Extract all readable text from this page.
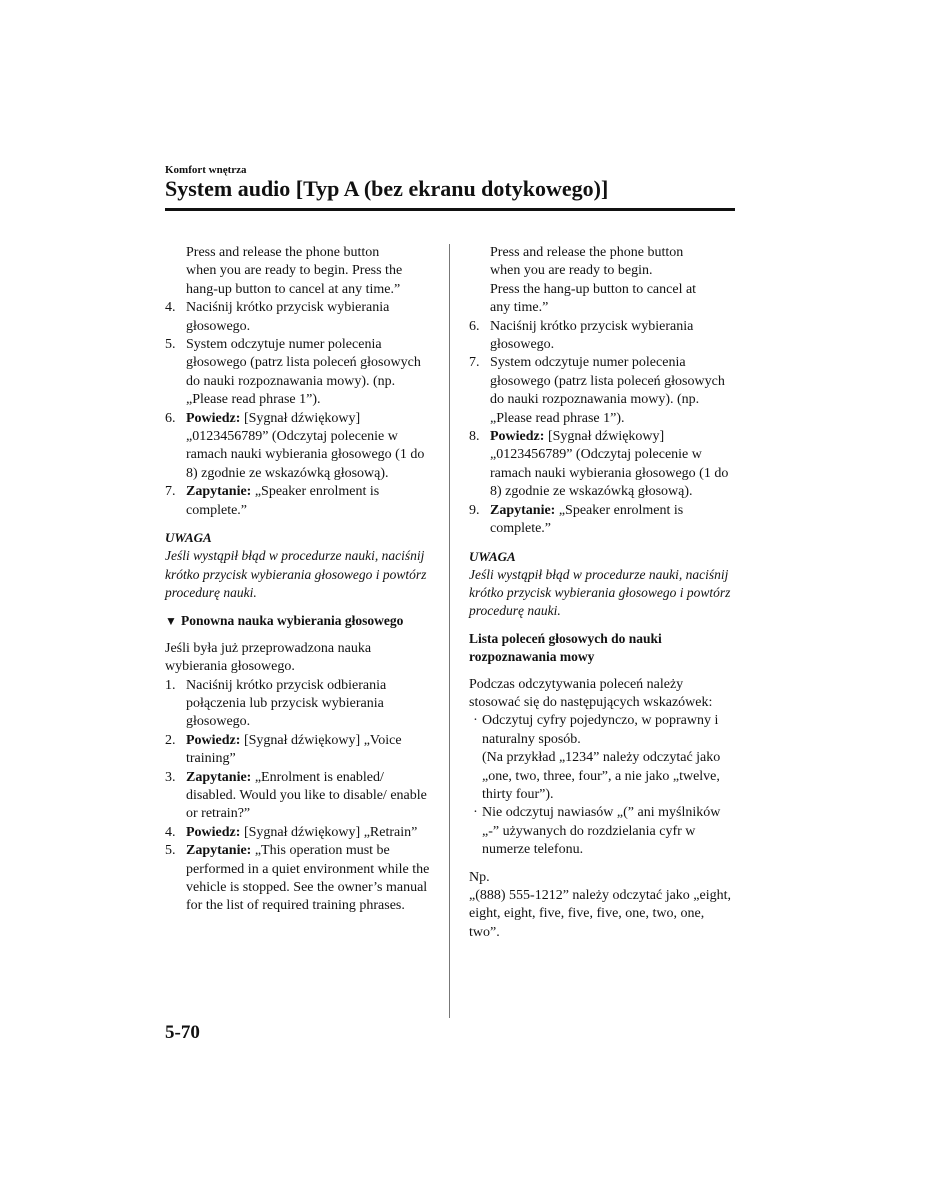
Komfort wnętrza
System audio [Typ A (bez ekranu dotykowego)]
Press and release the phone button
when you are ready to begin. Press the
hang-up button to cancel at any time.”
4. Naciśnij krótko przycisk wybierania głosowego.
5. System odczytuje numer polecenia głosowego (patrz lista poleceń głosowych do nauki rozpoznawania mowy). (np. „Please read phrase 1”).
6. Powiedz: [Sygnał dźwiękowy] „0123456789” (Odczytaj polecenie w ramach nauki wybierania głosowego (1 do 8) zgodnie ze wskazówką głosową).
7. Zapytanie: „Speaker enrolment is complete.”
UWAGA

Jeśli wystąpił błąd w procedurze nauki, naciśnij krótko przycisk wybierania głosowego i powtórz procedurę nauki.

▼ Ponowna nauka wybierania głosowego

Jeśli była już przeprowadzona nauka wybierania głosowego.

1. Naciśnij krótko przycisk odbierania połączenia lub przycisk wybierania głosowego.
2. Powiedz: [Sygnał dźwiękowy] „Voice training”
3. Zapytanie: „Enrolment is enabled/ disabled. Would you like to disable/ enable or retrain?”
4. Powiedz: [Sygnał dźwiękowy] „Retrain”
5. Zapytanie: „This operation must be performed in a quiet environment while the vehicle is stopped. See the owner’s manual for the list of required training phrases.
Press and release the phone button
when you are ready to begin.
Press the hang-up button to cancel at
any time.”
6. Naciśnij krótko przycisk wybierania głosowego.
7. System odczytuje numer polecenia głosowego (patrz lista poleceń głosowych do nauki rozpoznawania mowy). (np. „Please read phrase 1”).
8. Powiedz: [Sygnał dźwiękowy] „0123456789” (Odczytaj polecenie w ramach nauki wybierania głosowego (1 do 8) zgodnie ze wskazówką głosową).
9. Zapytanie: „Speaker enrolment is complete.”
UWAGA

Jeśli wystąpił błąd w procedurze nauki, naciśnij krótko przycisk wybierania głosowego i powtórz procedurę nauki.

Lista poleceń głosowych do nauki rozpoznawania mowy

Podczas odczytywania poleceń należy stosować się do następujących wskazówek:

· Odczytuj cyfry pojedynczo, w poprawny i naturalny sposób.
(Na przykład „1234” należy odczytać jako „one, two, three, four”, a nie jako „twelve, thirty four”).
· Nie odczytuj nawiasów „(” ani myślników „-” używanych do rozdzielania cyfr w numerze telefonu.

Np.

„(888) 555-1212” należy odczytać jako „eight, eight, eight, five, five, five, one, two, one, two”.

5-70
